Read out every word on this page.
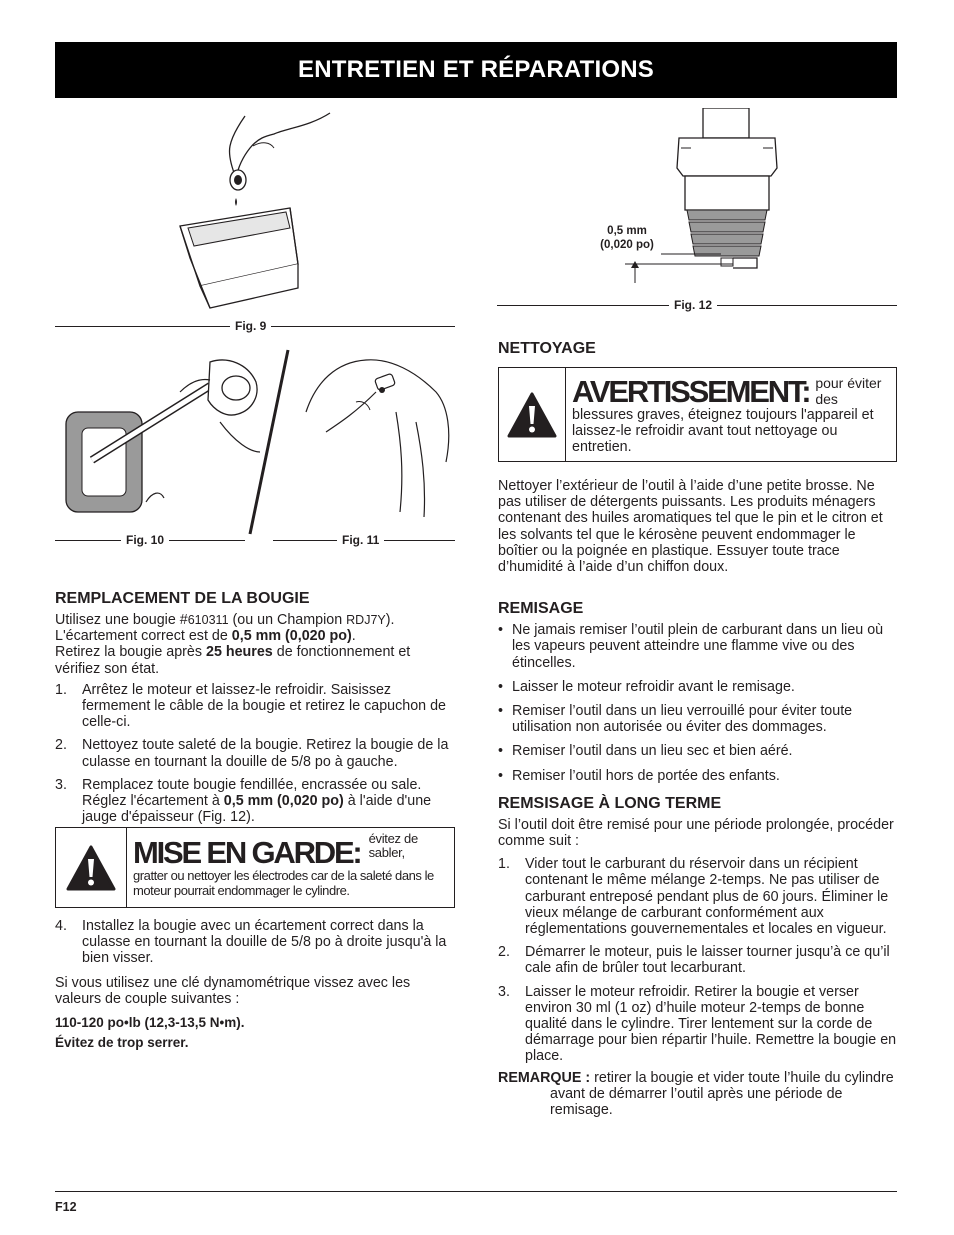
ENTRETIEN ET RÉPARATIONS
Fig. 9
Fig. 10	Fig. 11
0,5 mm
(0,020 po)
Fig. 12
REMPLACEMENT DE LA BOUGIE

Utilisez une bougie #610311 (ou un Champion RDJ7Y).
L'écartement correct est de 0,5 mm (0,020 po).
Retirez la bougie après 25 heures de fonctionnement et vérifiez son état.

1. Arrêtez le moteur et laissez-le refroidir. Saisissez fermement le câble de la bougie et retirez le capuchon de celle-ci.
2. Nettoyez toute saleté de la bougie. Retirez la bougie de la culasse en tournant la douille de 5/8 po à gauche.
3. Remplacez toute bougie fendillée, encrassée ou sale. Réglez l'écartement à 0,5 mm (0,020 po) à l'aide d'une jauge d'épaisseur (Fig. 12).
MISE EN GARDE: évitez de sabler,
gratter ou nettoyer les électrodes car de la saleté dans le moteur pourrait endommager le cylindre.
4. Installez la bougie avec un écartement correct dans la culasse en tournant la douille de 5/8 po à droite jusqu'à la bien visser.

Si vous utilisez une clé dynamométrique vissez avec les valeurs de couple suivantes :

110-120 po•lb (12,3-13,5 N•m).

Évitez de trop serrer.

NETTOYAGE
AVERTISSEMENT: pour éviter des
blessures graves, éteignez toujours l'appareil et laissez-le refroidir avant tout nettoyage ou entretien.

Nettoyer l’extérieur de l’outil à l’aide d’une petite brosse. Ne pas utiliser de détergents puissants. Les produits ménagers contenant des huiles aromatiques tel que le pin et le citron et les solvants tel que le kérosène peuvent endommager le boîtier ou la poignée en plastique. Essuyer toute trace d’humidité à l’aide d’un chiffon doux.

REMISAGE
• Ne jamais remiser l’outil plein de carburant dans un lieu où les vapeurs peuvent atteindre une flamme vive ou des étincelles.
• Laisser le moteur refroidir avant le remisage.
• Remiser l’outil dans un lieu verrouillé pour éviter toute utilisation non autorisée ou éviter des dommages.
• Remiser l’outil dans un lieu sec et bien aéré.
• Remiser l’outil hors de portée des enfants.
REMSISAGE À LONG TERME

Si l’outil doit être remisé pour une période prolongée, procéder comme suit :

1. Vider tout le carburant du réservoir dans un récipient contenant le même mélange 2-temps. Ne pas utiliser de carburant entreposé pendant plus de 60 jours. Éliminer le vieux mélange de carburant conformément aux réglementations gouvernementales et locales en vigueur.
2. Démarrer le moteur, puis le laisser tourner jusqu’à ce qu’il cale afin de brûler tout lecarburant.
3. Laisser le moteur refroidir. Retirer la bougie et verser environ 30 ml (1 oz) d’huile moteur 2-temps de bonne qualité dans le cylindre. Tirer lentement sur la corde de démarrage pour bien répartir l’huile. Remettre la bougie en place.

REMARQUE : retirer la bougie et vider toute l’huile du cylindre avant de démarrer l’outil après une période de remisage.

F12
